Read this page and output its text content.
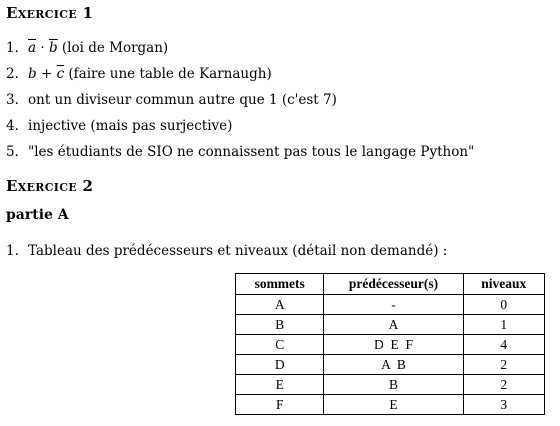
Exercice 1
1. $\overline{a} \cdot \overline{b}$ (loi de Morgan)
2. $b + \overline{c}$ (faire une table de Karnaugh)
3. ont un diviseur commun autre que 1 (c'est 7)
4. injective (mais pas surjective)
5. "les étudiants de SIO ne connaissent pas tous le langage Python"
Exercice 2
partie A
1. Tableau des prédécesseurs et niveaux (détail non demandé) :
sommets	prédécesseur(s)	niveaux
A	-	0
B	A	1
C	D  E  F	4
D	A  B	2
E	B	2
F	E	3
